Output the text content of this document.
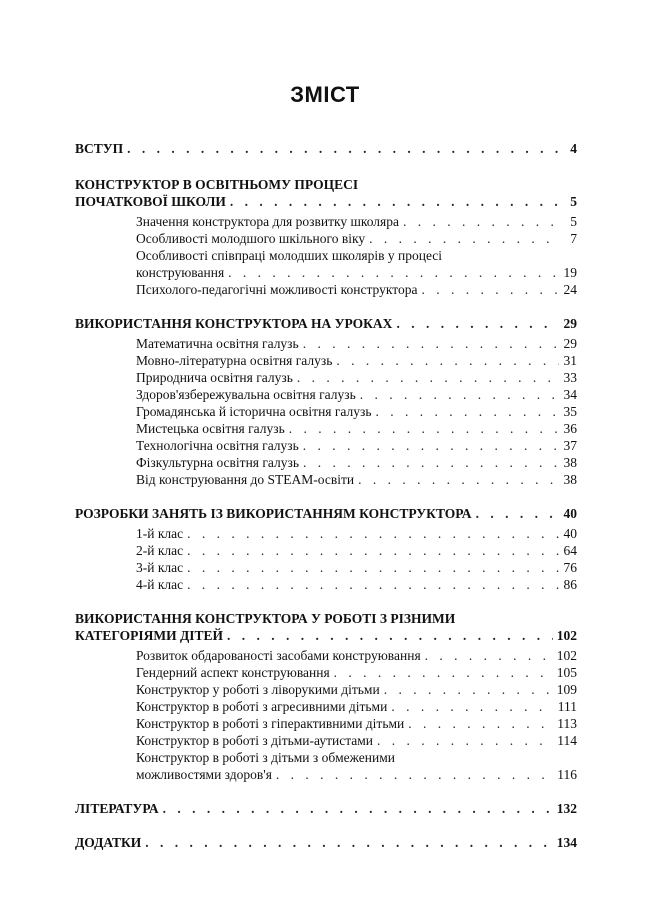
ЗМІСТ
ВСТУП . . .	4
КОНСТРУКТОР В ОСВІТНЬОМУ ПРОЦЕСІ
ПОЧАТКОВОЇ ШКОЛИ . . .	5
Значення конструктора для розвитку школяра . . .	5
Особливості молодшого шкільного віку . . .	7
Особливості співпраці молодших школярів у процесі
конструювання . . .	19
Психолого-педагогічні можливості конструктора . . .	24
ВИКОРИСТАННЯ КОНСТРУКТОРА НА УРОКАХ . . .	29
Математична освітня галузь . . .	29
Мовно-літературна освітня галузь . . .	31
Природнича освітня галузь . . .	33
Здоров'язбережувальна освітня галузь . . .	34
Громадянська й історична освітня галузь . . .	35
Мистецька освітня галузь . . .	36
Технологічна освітня галузь . . .	37
Фізкультурна освітня галузь . . .	38
Від конструювання до STEAM-освіти . . .	38
РОЗРОБКИ ЗАНЯТЬ ІЗ ВИКОРИСТАННЯМ КОНСТРУКТОРА . . .	40
1-й клас . . .	40
2-й клас . . .	64
3-й клас . . .	76
4-й клас . . .	86
ВИКОРИСТАННЯ КОНСТРУКТОРА У РОБОТІ З РІЗНИМИ
КАТЕГОРІЯМИ ДІТЕЙ . . .	102
Розвиток обдарованості засобами конструювання . . .	102
Гендерний аспект конструювання . . .	105
Конструктор у роботі з ліворукими дітьми . . .	109
Конструктор в роботі з агресивними дітьми . . .	111
Конструктор в роботі з гіперактивними дітьми . . .	113
Конструктор в роботі з дітьми-аутистами . . .	114
Конструктор в роботі з дітьми з обмеженими
можливостями здоров'я . . .	116
ЛІТЕРАТУРА . . .	132
ДОДАТКИ . . .	134
